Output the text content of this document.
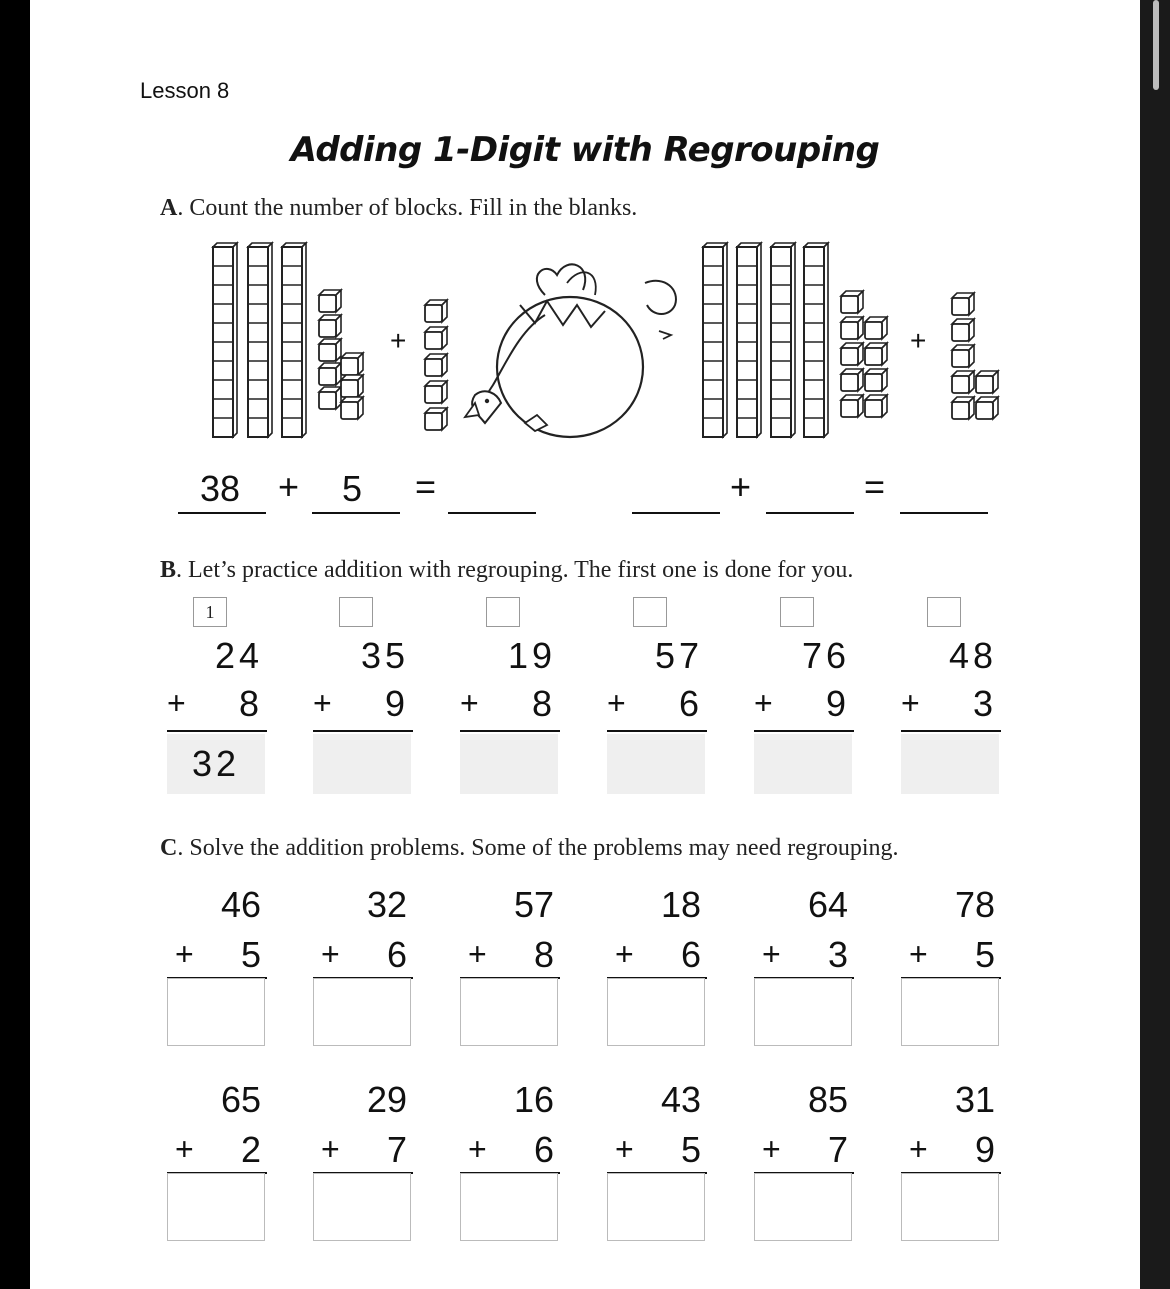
Lesson 8
Adding 1-Digit with Regrouping
A. Count the number of blocks. Fill in the blanks.
+	+
38 + 5 =	+	=
B. Let’s practice addition with regrouping. The first one is done for you.
1
24
+ 8
32
35
+ 9
19
+ 8
57
+ 6
76
+ 9
48
+ 3
C. Solve the addition problems. Some of the problems may need regrouping.
46
+ 5
32
+ 6
57
+ 8
18
+ 6
64
+ 3
78
+ 5
65
+ 2
29
+ 7
16
+ 6
43
+ 5
85
+ 7
31
+ 9
